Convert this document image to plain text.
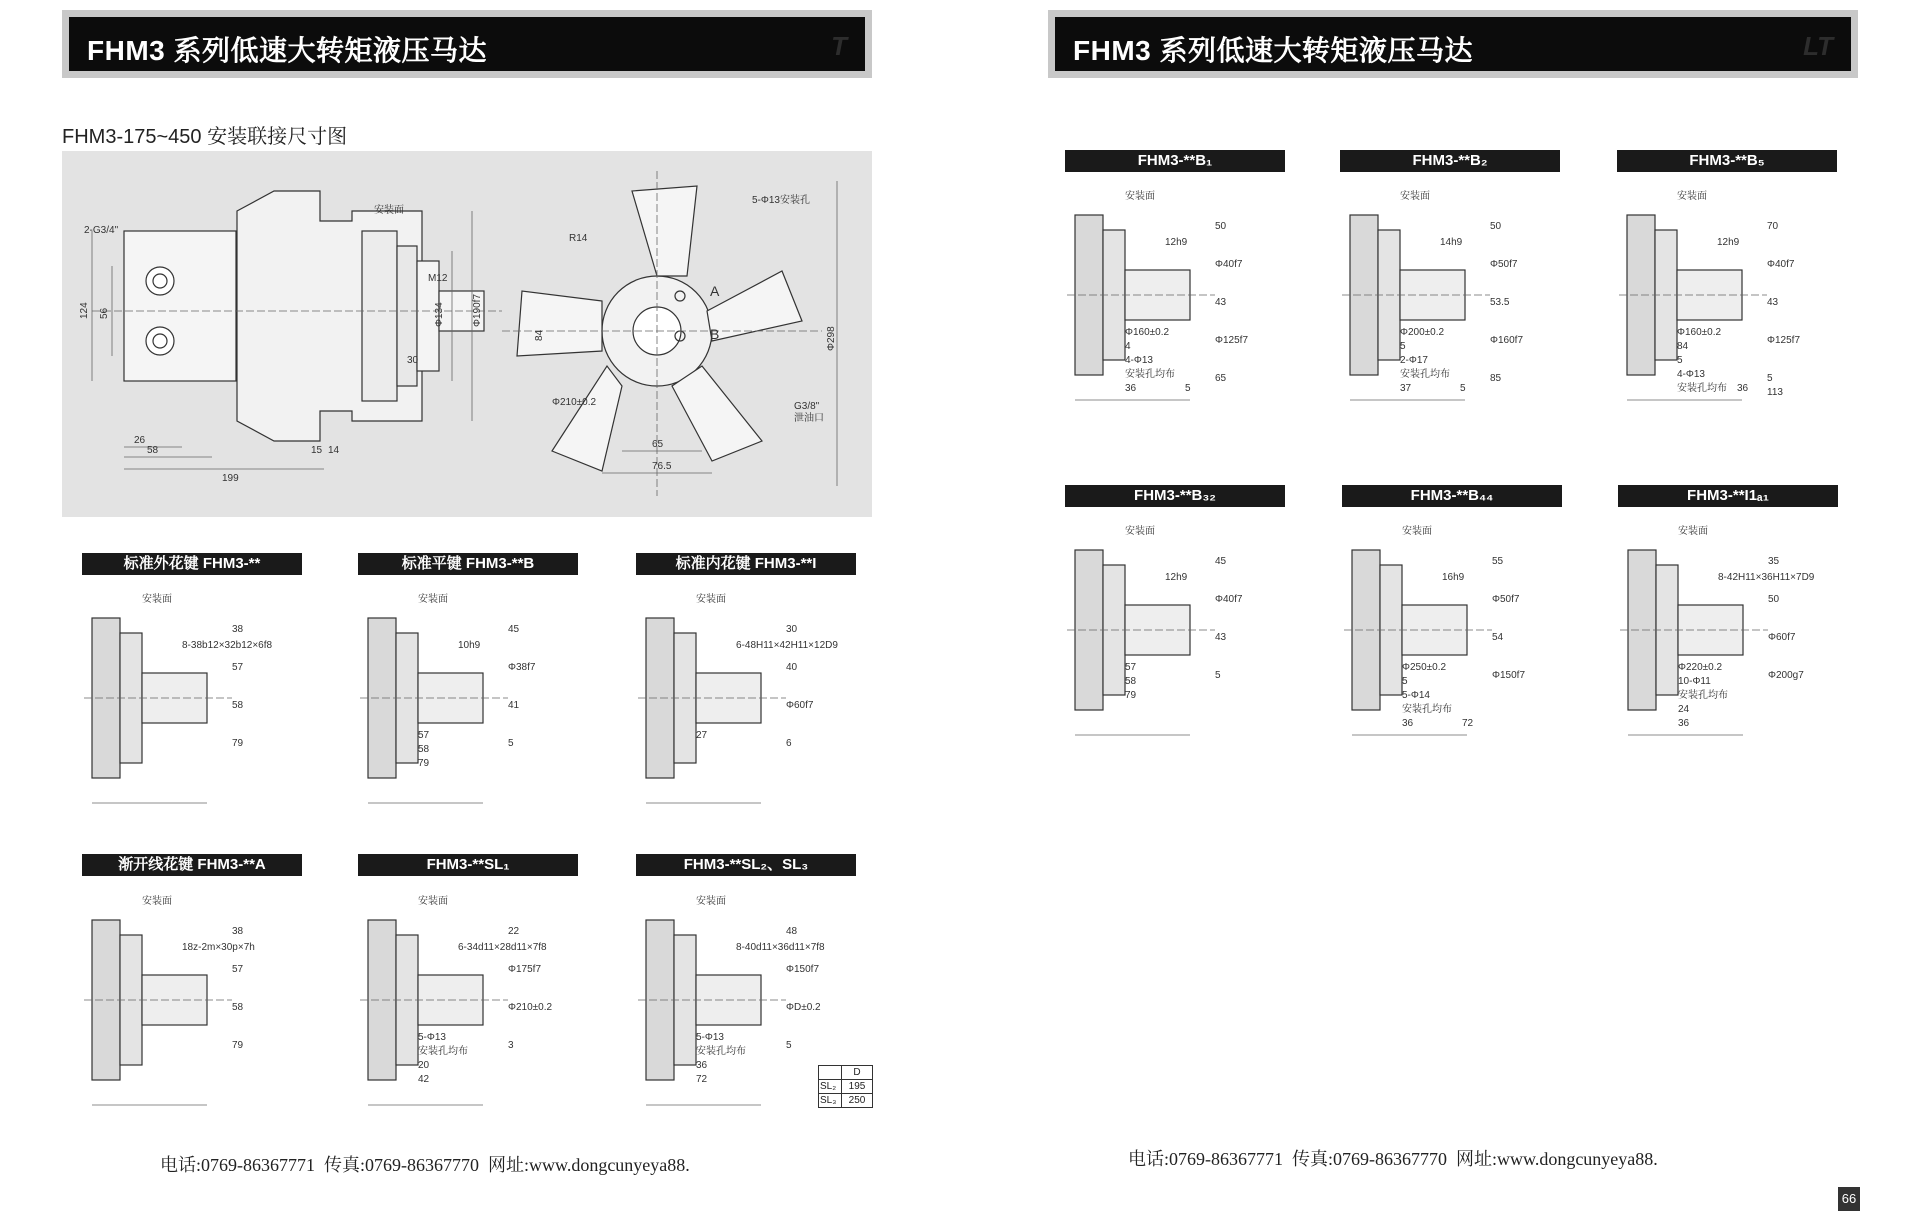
FHM3 系列低速大转矩液压马达	T	FHM3 系列低速大转矩液压马达	LT
FHM3-175~450 安装联接尺寸图
安装面
2-G3/4"
M12
Φ134	Φ190f7
124 56
30
26
58
199
15 14
5-Φ13安装孔
R14
A
B
84	Φ298
Φ210±0.2	G3/8"
泄油口
65
76.5
标准外花键 FHM3-**	标准平键 FHM3-**B	标准内花键 FHM3-**I
渐开线花键 FHM3-**A	FHM3-**SL₁	FHM3-**SL₂、SL₃
FHM3-**B₁	FHM3-**B₂	FHM3-**B₅
FHM3-**B₃₂	FHM3-**B₄₄	FHM3-**I1ₐ₁
安装面
8-38b12×32b12×6f8
38
57
58
79
安装面
10h9
45
Φ38f7
41
5
57
58
79
安装面
6-48H11×42H11×12D9
30
40
Φ60f7
6
27
安装面
18z-2m×30p×7h
38
57
58
79
安装面
6-34d11×28d11×7f8
22
Φ175f7
Φ210±0.2
3
5-Φ13
安装孔均布
20
42
安装面
8-40d11×36d11×7f8
48
Φ150f7
ΦD±0.2
5
5-Φ13
安装孔均布
36
72
安装面
12h9
50
Φ40f7
43
Φ125f7
Φ160±0.2
4
4-Φ13
安装孔均布
36	5
65
安装面
14h9
50
Φ50f7
53.5
Φ160f7
Φ200±0.2
5
2-Φ17
安装孔均布
37	5
85
安装面
12h9
70
Φ40f7
43
Φ125f7
Φ160±0.2
84
5
4-Φ13
安装孔均布 36
5
113
安装面
12h9
45
Φ40f7
43
5
57
58
79
安装面
16h9
55
Φ50f7
54
Φ150f7
Φ250±0.2
5
5-Φ14
安装孔均布
36	72
安装面
8-42H11×36H11×7D9
35
50
Φ60f7
Φ200g7
Φ220±0.2
10-Φ11
安装孔均布
24
36
	D
SL₂	195
SL₃	250
电话:0769-86367771  传真:0769-86367770  网址:www.dongcunyeya88.	电话:0769-86367771  传真:0769-86367770  网址:www.dongcunyeya88.
66
